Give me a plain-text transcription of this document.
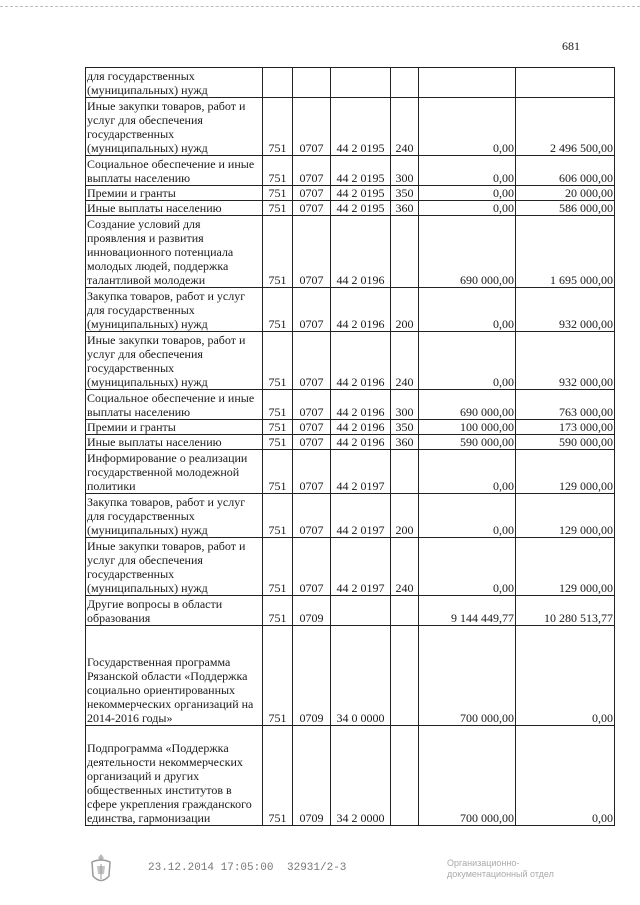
681
для государственных (муниципальных) нужд						
Иные закупки товаров, работ и услуг для обеспечения государственных (муниципальных) нужд	751	0707	44 2 0195	240	0,00	2 496 500,00
Социальное обеспечение и иные выплаты населению	751	0707	44 2 0195	300	0,00	606 000,00
Премии и гранты	751	0707	44 2 0195	350	0,00	20 000,00
Иные выплаты населению	751	0707	44 2 0195	360	0,00	586 000,00
Создание условий для проявления и развития инновационного потенциала молодых людей, поддержка талантливой молодежи	751	0707	44 2 0196		690 000,00	1 695 000,00
Закупка товаров, работ и услуг для государственных (муниципальных) нужд	751	0707	44 2 0196	200	0,00	932 000,00
Иные закупки товаров, работ и услуг для обеспечения государственных (муниципальных) нужд	751	0707	44 2 0196	240	0,00	932 000,00
Социальное обеспечение и иные выплаты населению	751	0707	44 2 0196	300	690 000,00	763 000,00
Премии и гранты	751	0707	44 2 0196	350	100 000,00	173 000,00
Иные выплаты населению	751	0707	44 2 0196	360	590 000,00	590 000,00
Информирование о реализации государственной молодежной политики	751	0707	44 2 0197		0,00	129 000,00
Закупка товаров, работ и услуг для государственных (муниципальных) нужд	751	0707	44 2 0197	200	0,00	129 000,00
Иные закупки товаров, работ и услуг для обеспечения государственных (муниципальных) нужд	751	0707	44 2 0197	240	0,00	129 000,00
Другие вопросы в области образования	751	0709			9 144 449,77	10 280 513,77
Государственная программа Рязанской области «Поддержка социально ориентированных некоммерческих организаций на 2014-2016 годы»	751	0709	34 0 0000		700 000,00	0,00
Подпрограмма «Поддержка деятельности некоммерческих организаций и других общественных институтов в сфере укрепления гражданского единства, гармонизации	751	0709	34 2 0000		700 000,00	0,00
23.12.2014 17:05:00 32931/2-3	Организационно-
документационный отдел
